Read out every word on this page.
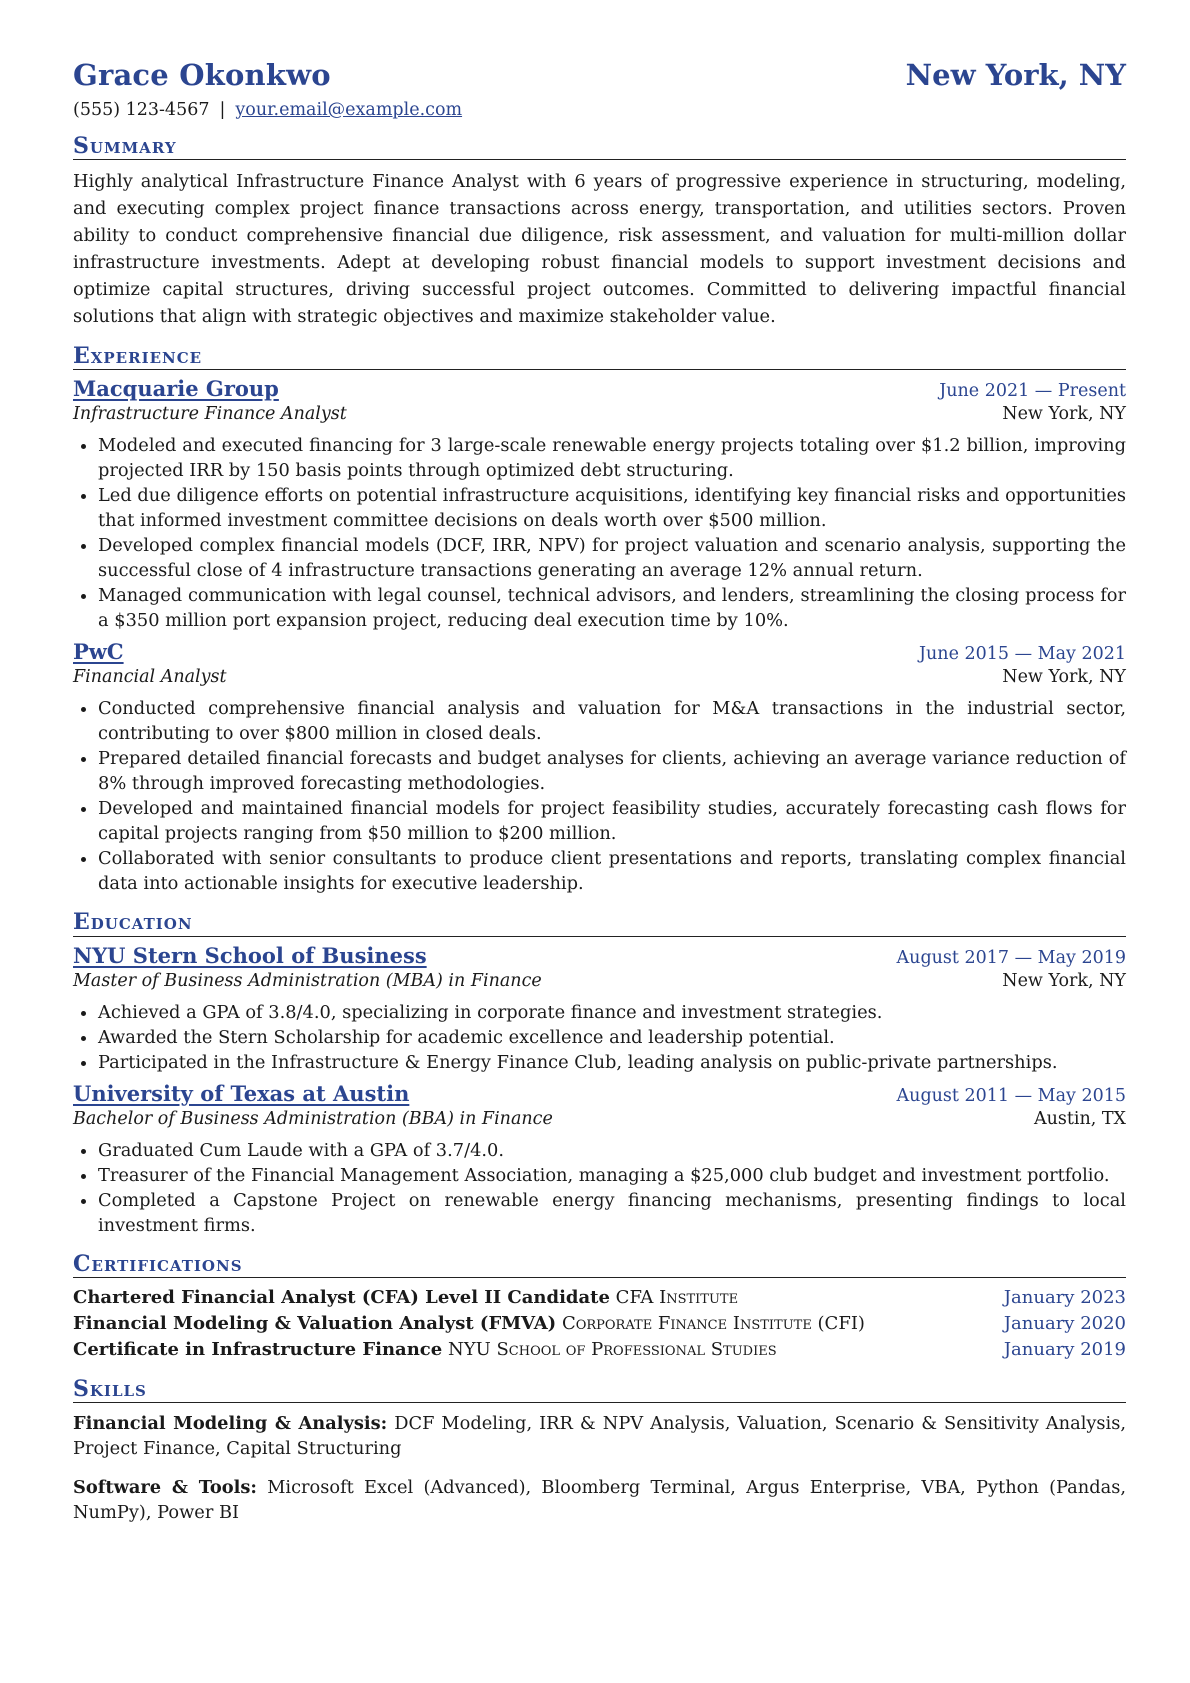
Grace Okonkwo	New York, NY
(555) 123-4567 | your.email@example.com
Summary
Highly analytical Infrastructure Finance Analyst with 6 years of progressive experience in structuring, modeling, and executing complex project finance transactions across energy, transportation, and utilities sectors. Proven ability to conduct comprehensive financial due diligence, risk assessment, and valuation for multi-million dollar infrastructure investments. Adept at developing robust financial models to support investment decisions and optimize capital structures, driving successful project outcomes. Committed to delivering impactful financial solutions that align with strategic objectives and maximize stakeholder value.
Experience
Macquarie Group	June 2021 — Present
Infrastructure Finance Analyst	New York, NY
• Modeled and executed financing for 3 large-scale renewable energy projects totaling over $1.2 billion, improving projected IRR by 150 basis points through optimized debt structuring.
• Led due diligence efforts on potential infrastructure acquisitions, identifying key financial risks and opportunities that informed investment committee decisions on deals worth over $500 million.
• Developed complex financial models (DCF, IRR, NPV) for project valuation and scenario analysis, supporting the successful close of 4 infrastructure transactions generating an average 12% annual return.
• Managed communication with legal counsel, technical advisors, and lenders, streamlining the closing process for a $350 million port expansion project, reducing deal execution time by 10%.
PwC	June 2015 — May 2021
Financial Analyst	New York, NY
• Conducted comprehensive financial analysis and valuation for M&A transactions in the industrial sector, contributing to over $800 million in closed deals.
• Prepared detailed financial forecasts and budget analyses for clients, achieving an average variance reduction of 8% through improved forecasting methodologies.
• Developed and maintained financial models for project feasibility studies, accurately forecasting cash flows for capital projects ranging from $50 million to $200 million.
• Collaborated with senior consultants to produce client presentations and reports, translating complex financial data into actionable insights for executive leadership.
Education
NYU Stern School of Business	August 2017 — May 2019
Master of Business Administration (MBA) in Finance	New York, NY
• Achieved a GPA of 3.8/4.0, specializing in corporate finance and investment strategies.
• Awarded the Stern Scholarship for academic excellence and leadership potential.
• Participated in the Infrastructure & Energy Finance Club, leading analysis on public-private partnerships.
University of Texas at Austin	August 2011 — May 2015
Bachelor of Business Administration (BBA) in Finance	Austin, TX
• Graduated Cum Laude with a GPA of 3.7/4.0.
• Treasurer of the Financial Management Association, managing a $25,000 club budget and investment portfolio.
• Completed a Capstone Project on renewable energy financing mechanisms, presenting findings to local investment firms.
Certifications
Chartered Financial Analyst (CFA) Level II Candidate CFA Institute	January 2023
Financial Modeling & Valuation Analyst (FMVA) Corporate Finance Institute (CFI)	January 2020
Certificate in Infrastructure Finance NYU School of Professional Studies	January 2019
Skills
Financial Modeling & Analysis: DCF Modeling, IRR & NPV Analysis, Valuation, Scenario & Sensitivity Analysis, Project Finance, Capital Structuring
Software & Tools: Microsoft Excel (Advanced), Bloomberg Terminal, Argus Enterprise, VBA, Python (Pandas, NumPy), Power BI
